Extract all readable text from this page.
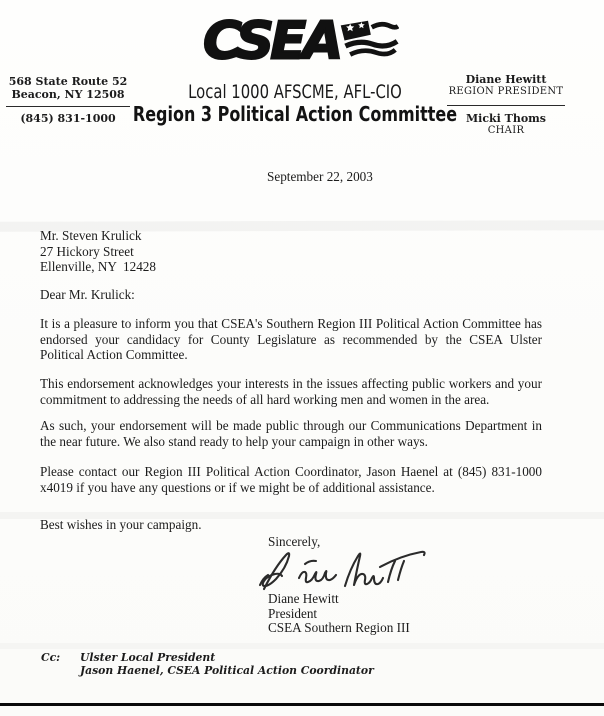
568 State Route 52
Beacon, NY 12508
(845) 831-1000
CSEA
Local 1000 AFSCME, AFL-CIO
Region 3 Political Action Committee
Diane Hewitt
REGION PRESIDENT
Micki Thoms
CHAIR
September 22, 2003
Mr. Steven Krulick
27 Hickory Street
Ellenville, NY  12428
Dear Mr. Krulick:

It is a pleasure to inform you that CSEA's Southern Region III Political Action Committee has endorsed your candidacy for County Legislature as recommended by the CSEA Ulster Political Action Committee.

This endorsement acknowledges your interests in the issues affecting public workers and your commitment to addressing the needs of all hard working men and women in the area.

As such, your endorsement will be made public through our Communications Department in the near future. We also stand ready to help your campaign in other ways.

Please contact our Region III Political Action Coordinator, Jason Haenel at (845) 831-1000 x4019 if you have any questions or if we might be of additional assistance.

Best wishes in your campaign.

Sincerely,
Diane Hewitt
President
CSEA Southern Region III
Cc:	Ulster Local President
Jason Haenel, CSEA Political Action Coordinator
